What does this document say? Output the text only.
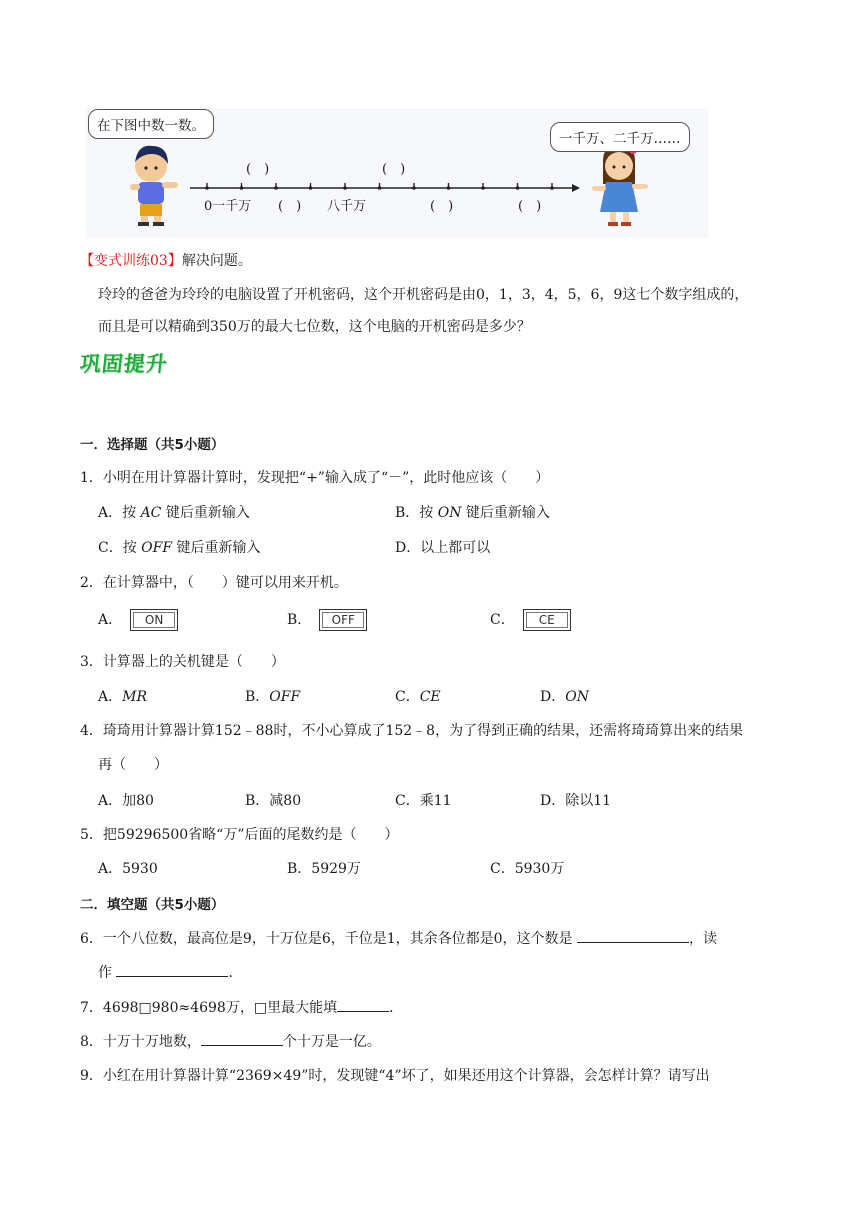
在下图中数一数。
一千万、二千万……
(　)	(　)
0一千万 (　) 八千万	(　)	(　)
【变式训练03】解决问题。
玲玲的爸爸为玲玲的电脑设置了开机密码，这个开机密码是由0，1，3，4，5，6，9这七个数字组成的，
而且是可以精确到350万的最大七位数，这个电脑的开机密码是多少？
巩固提升
一．选择题（共5小题）
1．小明在用计算器计算时，发现把“+”输入成了“－”，此时他应该（　　）
A．按 AC 键后重新输入	B．按 ON 键后重新输入
C．按 OFF 键后重新输入	D．以上都可以
2．在计算器中，（　　）键可以用来开机。
A． ON	B． OFF	C． CE
3．计算器上的关机键是（　　）
A．MR	B．OFF	C．CE	D．ON
4．琦琦用计算器计算152﹣88时，不小心算成了152﹣8，为了得到正确的结果，还需将琦琦算出来的结果
再（　　）
A．加80	B．减80	C．乘11	D．除以11
5．把59296500省略“万”后面的尾数约是（　　）
A．5930	B．5929万	C．5930万
二．填空题（共5小题）
6．一个八位数，最高位是9，十万位是6，千位是1，其余各位都是0，这个数是	，读
作	．
7．4698□980≈4698万，□里最大能填	．
8．十万十万地数，	个十万是一亿。
9．小红在用计算器计算“2369×49”时，发现键“4”坏了，如果还用这个计算器，会怎样计算？请写出
